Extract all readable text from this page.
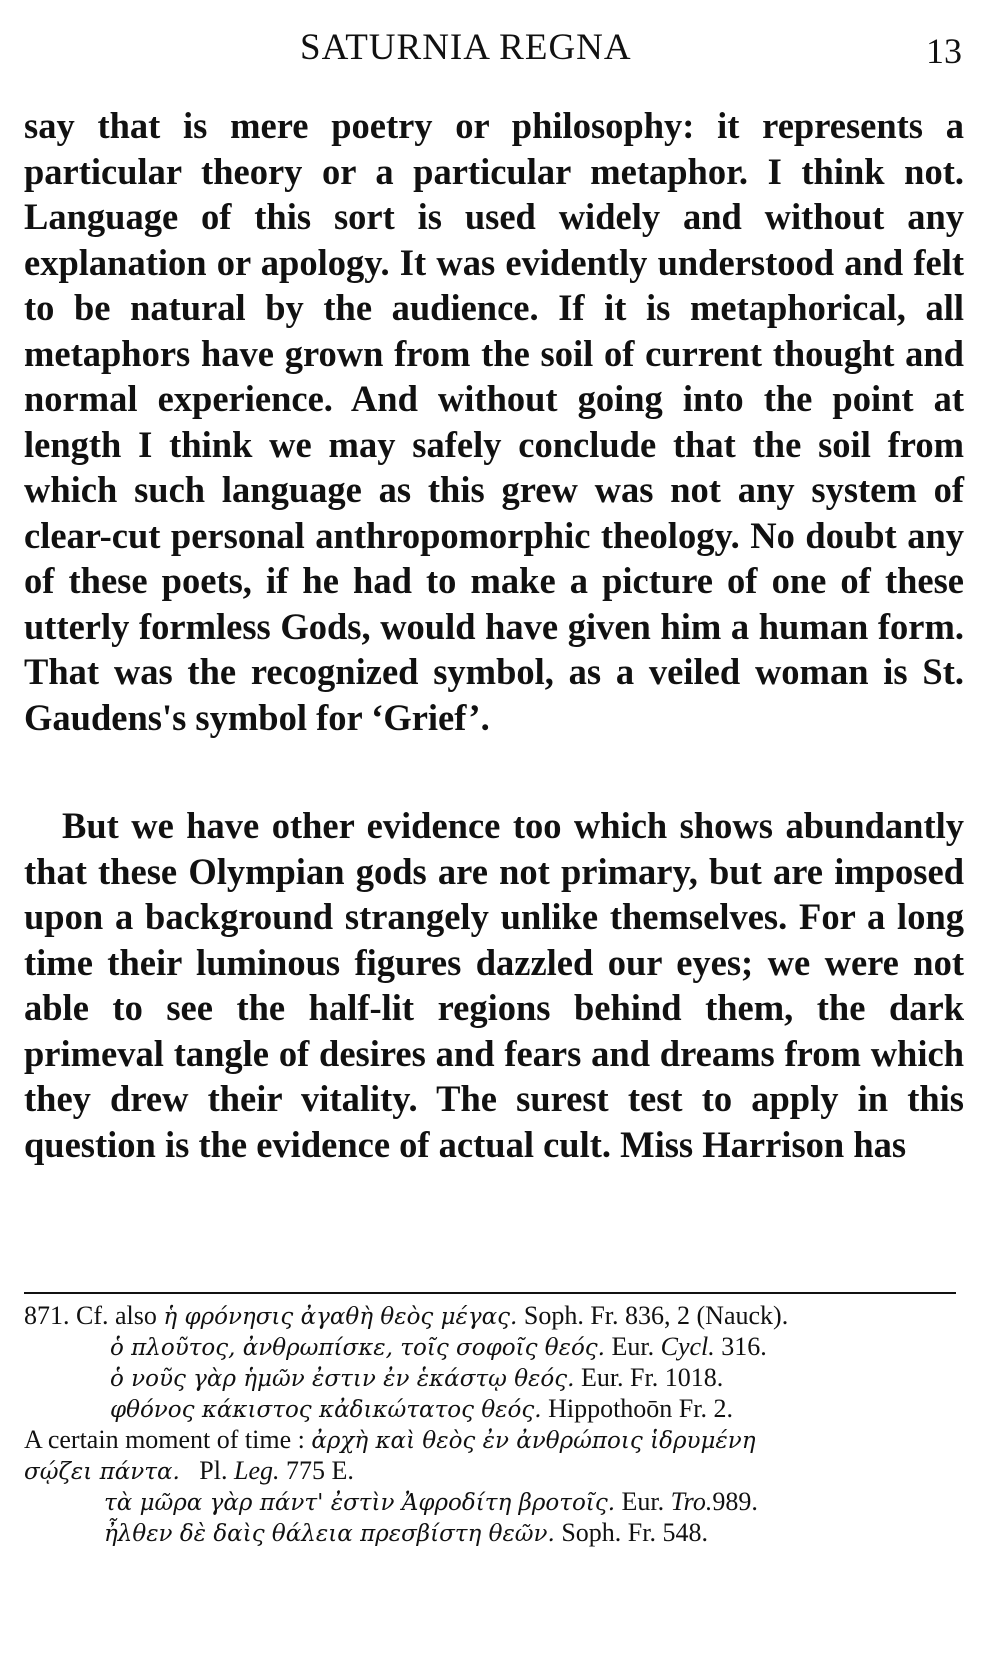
SATURNIA REGNA	13

say that is mere poetry or philosophy: it represents a particular theory or a particular metaphor. I think not. Language of this sort is used widely and without any explanation or apology. It was evidently understood and felt to be natural by the audience. If it is metaphorical, all metaphors have grown from the soil of current thought and normal experience. And without going into the point at length I think we may safely conclude that the soil from which such language as this grew was not any system of clear-cut personal anthropomorphic theology. No doubt any of these poets, if he had to make a picture of one of these utterly formless Gods, would have given him a human form. That was the recognized symbol, as a veiled woman is St. Gaudens's symbol for ‘Grief’.

But we have other evidence too which shows abundantly that these Olympian gods are not primary, but are imposed upon a background strangely unlike themselves. For a long time their luminous figures dazzled our eyes; we were not able to see the half-lit regions behind them, the dark primeval tangle of desires and fears and dreams from which they drew their vitality. The surest test to apply in this question is the evidence of actual cult. Miss Harrison has

871. Cf. also ἡ φρόνησις ἀγαθὴ θεὸς μέγας. Soph. Fr. 836, 2 (Nauck).

ὁ πλοῦτος, ἀνθρωπίσκε, τοῖς σοφοῖς θεός. Eur. Cycl. 316.

ὁ νοῦς γὰρ ἡμῶν ἐστιν ἐν ἑκάστῳ θεός. Eur. Fr. 1018.

φθόνος κάκιστος κἀδικώτατος θεός. Hippothoōn Fr. 2.

A certain moment of time : ἀρχὴ καὶ θεὸς ἐν ἀνθρώποις ἱδρυμένη

σῴζει πάντα. Pl. Leg. 775 E.

τὰ μῶρα γὰρ πάντ' ἐστὶν Ἀφροδίτη βροτοῖς. Eur. Tro.989.

ἦλθεν δὲ δαὶς θάλεια πρεσβίστη θεῶν. Soph. Fr. 548.
